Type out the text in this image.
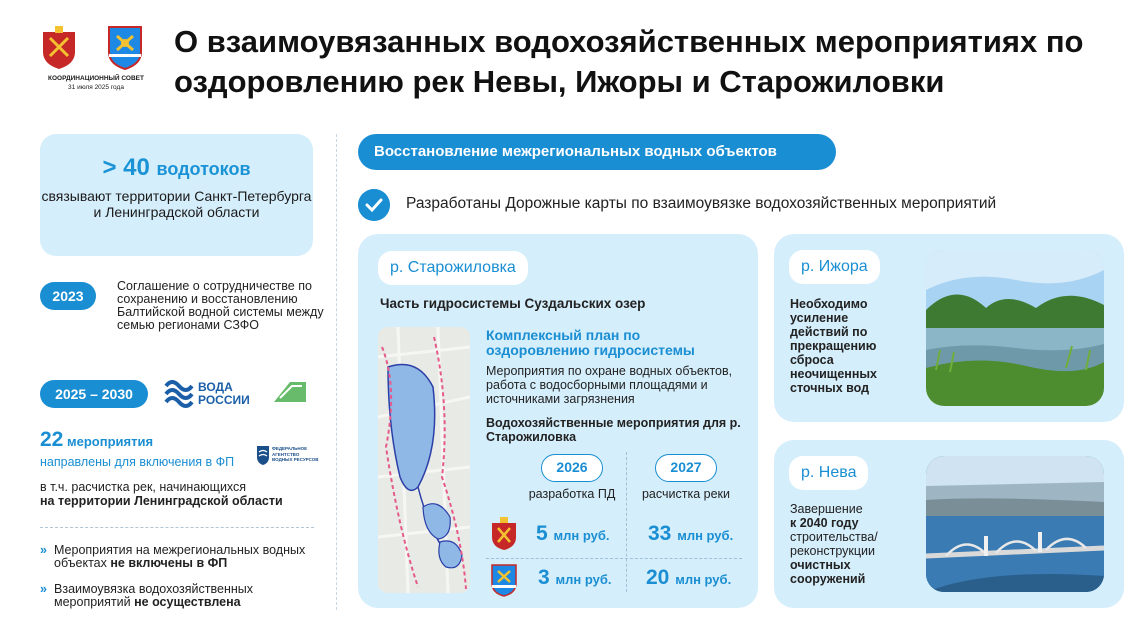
КООРДИНАЦИОННЫЙ СОВЕТ
31 июля 2025 года
О взаимоувязанных водохозяйственных мероприятиях по оздоровлению рек Невы, Ижоры и Старожиловки
> 40 водотоков
связывают территории Санкт-Петербурга и Ленинградской области
2023
Соглашение о сотрудничестве по сохранению и восстановлению Балтийской водной системы между семью регионами СЗФО
2025 – 2030	ВОДА
РОССИИ
22 мероприятия
направлены для включения в ФП
ФЕДЕРАЛЬНОЕ АГЕНТСТВО ВОДНЫХ РЕСУРСОВ
в т.ч. расчистка рек, начинающихся
на территории Ленинградской области
» Мероприятия на межрегиональных водных объектах не включены в ФП
» Взаимоувязка водохозяйственных мероприятий не осуществлена
Восстановление межрегиональных водных объектов
Разработаны Дорожные карты по взаимоувязке водохозяйственных мероприятий
р. Старожиловка
Часть гидросистемы Суздальских озер
Комплексный план по оздоровлению гидросистемы
Мероприятия по охране водных объектов, работа с водосборными площадями и источниками загрязнения
Водохозяйственные мероприятия для р. Старожиловка
2026	2027
разработка ПД	расчистка реки
5 млн руб. 33 млн руб.
3 млн руб. 20 млн руб.
р. Ижора
Необходимо усиление действий по прекращению сброса неочищенных сточных вод
р. Нева
Завершение
к 2040 году
строительства/ реконструкции
очистных сооружений
